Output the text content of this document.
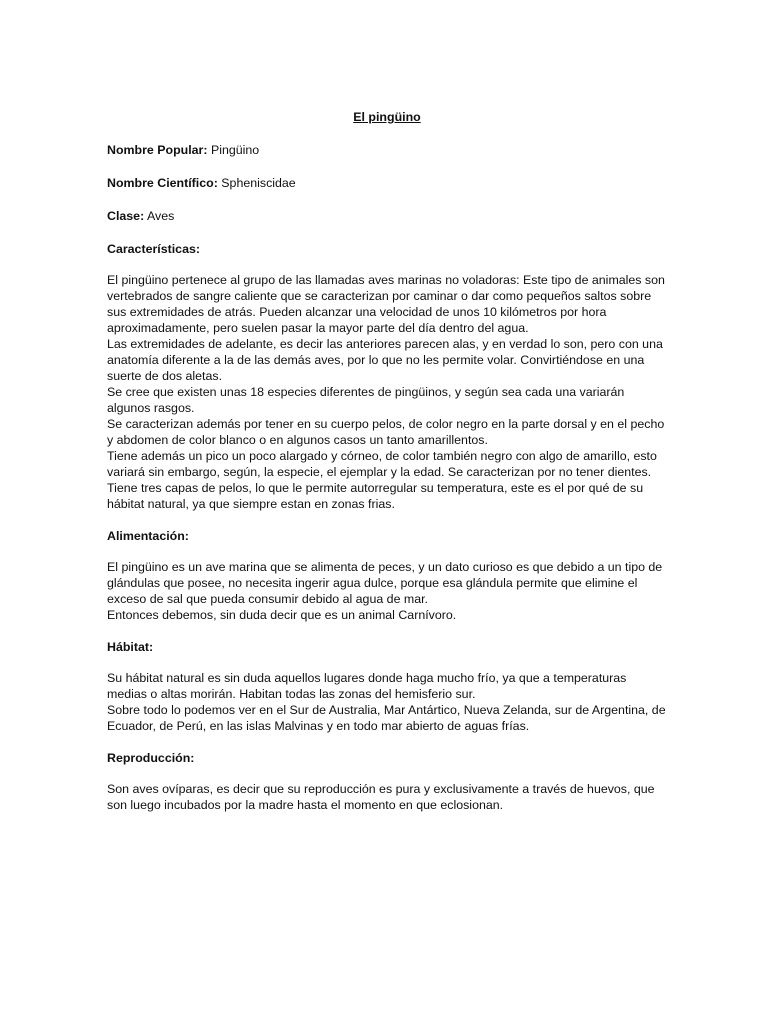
El pingüino
Nombre Popular: Pingüino
Nombre Científico: Spheniscidae
Clase: Aves
Características:

El pingüino pertenece al grupo de las llamadas aves marinas no voladoras: Este tipo de animales son vertebrados de sangre caliente que se caracterizan por caminar o dar como pequeños saltos sobre sus extremidades de atrás. Pueden alcanzar una velocidad de unos 10 kilómetros por hora aproximadamente, pero suelen pasar la mayor parte del día dentro del agua.

Las extremidades de adelante, es decir las anteriores parecen alas, y en verdad lo son, pero con una anatomía diferente a la de las demás aves, por lo que no les permite volar. Convirtiéndose en una suerte de dos aletas.

Se cree que existen unas 18 especies diferentes de pingüinos, y según sea cada una variarán algunos rasgos.

Se caracterizan además por tener en su cuerpo pelos, de color negro en la parte dorsal y en el pecho y abdomen de color blanco o en algunos casos un tanto amarillentos.

Tiene además un pico un poco alargado y córneo, de color también negro con algo de amarillo, esto variará sin embargo, según, la especie, el ejemplar y la edad. Se caracterizan por no tener dientes.

Tiene tres capas de pelos, lo que le permite autorregular su temperatura, este es el por qué de su hábitat natural, ya que siempre estan en zonas frias.

Alimentación:

El pingüino es un ave marina que se alimenta de peces, y un dato curioso es que debido a un tipo de glándulas que posee, no necesita ingerir agua dulce, porque esa glándula permite que elimine el exceso de sal que pueda consumir debido al agua de mar.

Entonces debemos, sin duda decir que es un animal Carnívoro.

Hábitat:

Su hábitat natural es sin duda aquellos lugares donde haga mucho frío, ya que a temperaturas medias o altas morirán. Habitan todas las zonas del hemisferio sur.

Sobre todo lo podemos ver en el Sur de Australia, Mar Antártico, Nueva Zelanda, sur de Argentina, de Ecuador, de Perú, en las islas Malvinas y en todo mar abierto de aguas frías.

Reproducción:

Son aves ovíparas, es decir que su reproducción es pura y exclusivamente a través de huevos, que son luego incubados por la madre hasta el momento en que eclosionan.
